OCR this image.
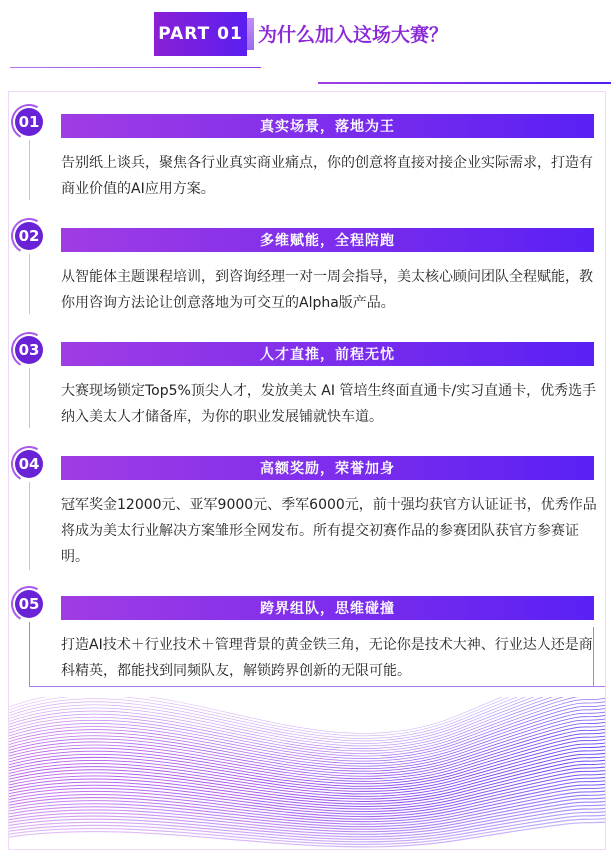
PART 01 为什么加入这场大赛？
01	真实场景，落地为王
告别纸上谈兵，聚焦各行业真实商业痛点，你的创意将直接对接企业实际需求，打造有商业价值的AI应用方案。
02	多维赋能，全程陪跑
从智能体主题课程培训，到咨询经理一对一周会指导，美太核心顾问团队全程赋能，教你用咨询方法论让创意落地为可交互的Alpha版产品。
03	人才直推，前程无忧
大赛现场锁定Top5%顶尖人才，发放美太 AI 管培生终面直通卡/实习直通卡，优秀选手纳入美太人才储备库，为你的职业发展铺就快车道。
04	高额奖励，荣誉加身
冠军奖金12000元、亚军9000元、季军6000元，前十强均获官方认证证书，优秀作品将成为美太行业解决方案雏形全网发布。所有提交初赛作品的参赛团队获官方参赛证明。
05	跨界组队，思维碰撞
打造AI技术＋行业技术＋管理背景的黄金铁三角，无论你是技术大神、行业达人还是商科精英，都能找到同频队友，解锁跨界创新的无限可能。
